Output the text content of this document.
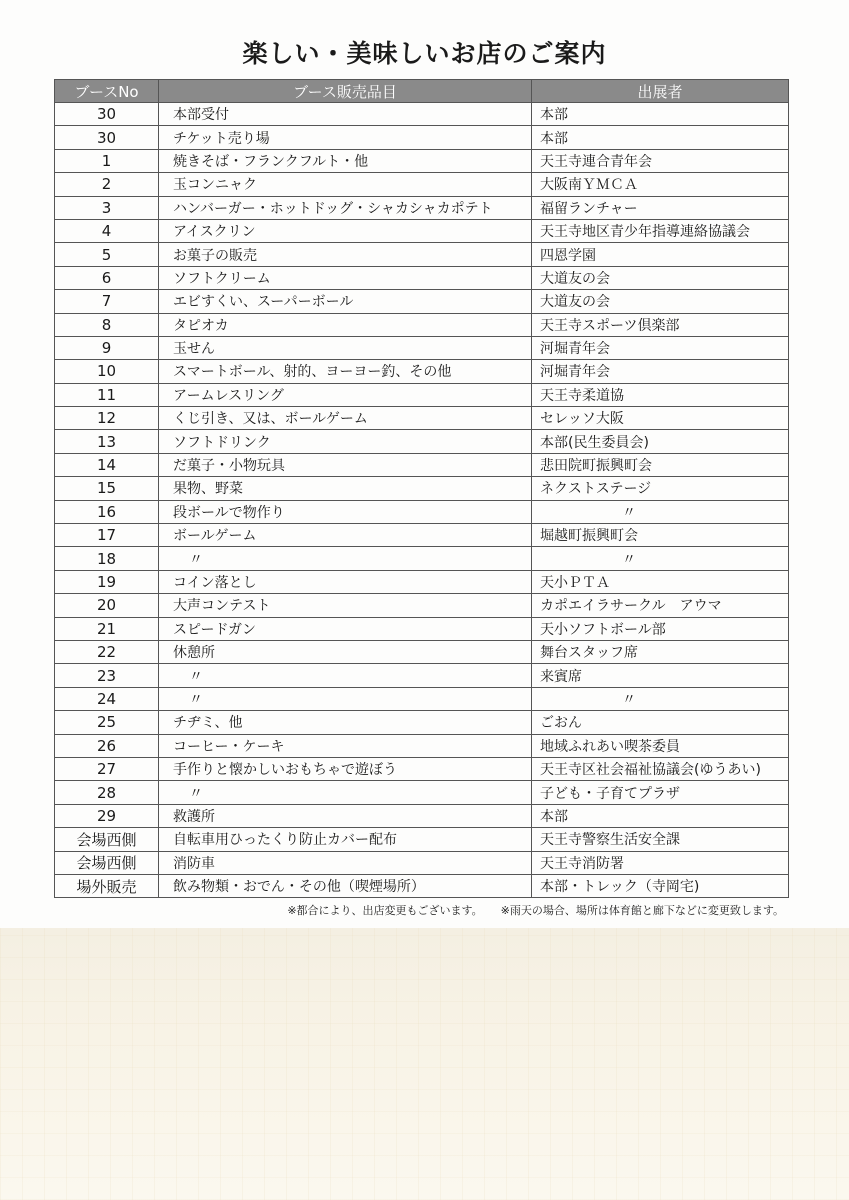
楽しい・美味しいお店のご案内
ブースNo	ブース販売品目	出展者
30	本部受付	本部
30	チケット売り場	本部
1	焼きそば・フランクフルト・他	天王寺連合青年会
2	玉コンニャク	大阪南ＹＭＣＡ
3	ハンバーガー・ホットドッグ・シャカシャカポテト	福留ランチャー
4	アイスクリン	天王寺地区青少年指導連絡協議会
5	お菓子の販売	四恩学園
6	ソフトクリーム	大道友の会
7	エビすくい、スーパーボール	大道友の会
8	タピオカ	天王寺スポーツ倶楽部
9	玉せん	河堀青年会
10	スマートボール、射的、ヨーヨー釣、その他	河堀青年会
11	アームレスリング	天王寺柔道協
12	くじ引き、又は、ボールゲーム	セレッソ大阪
13	ソフトドリンク	本部(民生委員会)
14	だ菓子・小物玩具	悲田院町振興町会
15	果物、野菜	ネクストステージ
16	段ボールで物作り	〃
17	ボールゲーム	堀越町振興町会
18	〃	〃
19	コイン落とし	天小ＰＴＡ
20	大声コンテスト	カポエイラサークル　アウマ
21	スピードガン	天小ソフトボール部
22	休憩所	舞台スタッフ席
23	〃	来賓席
24	〃	〃
25	チヂミ、他	ごおん
26	コーヒー・ケーキ	地域ふれあい喫茶委員
27	手作りと懐かしいおもちゃで遊ぼう	天王寺区社会福祉協議会(ゆうあい)
28	〃	子ども・子育てプラザ
29	救護所	本部
会場西側	自転車用ひったくり防止カバー配布	天王寺警察生活安全課
会場西側	消防車	天王寺消防署
場外販売	飲み物類・おでん・その他（喫煙場所）	本部・トレック（寺岡宅)
※都合により、出店変更もございます。 ※雨天の場合、場所は体育館と廊下などに変更致します。
